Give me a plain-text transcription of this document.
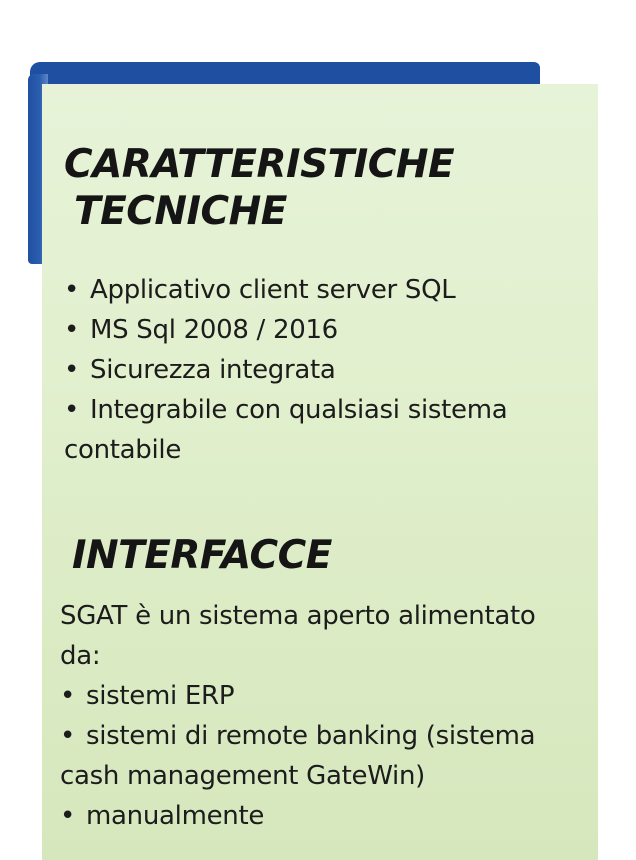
CARATTERISTICHE
TECNICHE
• Applicativo client server SQL
• MS Sql 2008 / 2016
• Sicurezza integrata
• Integrabile con qualsiasi sistema
contabile
INTERFACCE
SGAT è un sistema aperto alimentato
da:
• sistemi ERP
• sistemi di remote banking (sistema
cash management GateWin)
• manualmente
